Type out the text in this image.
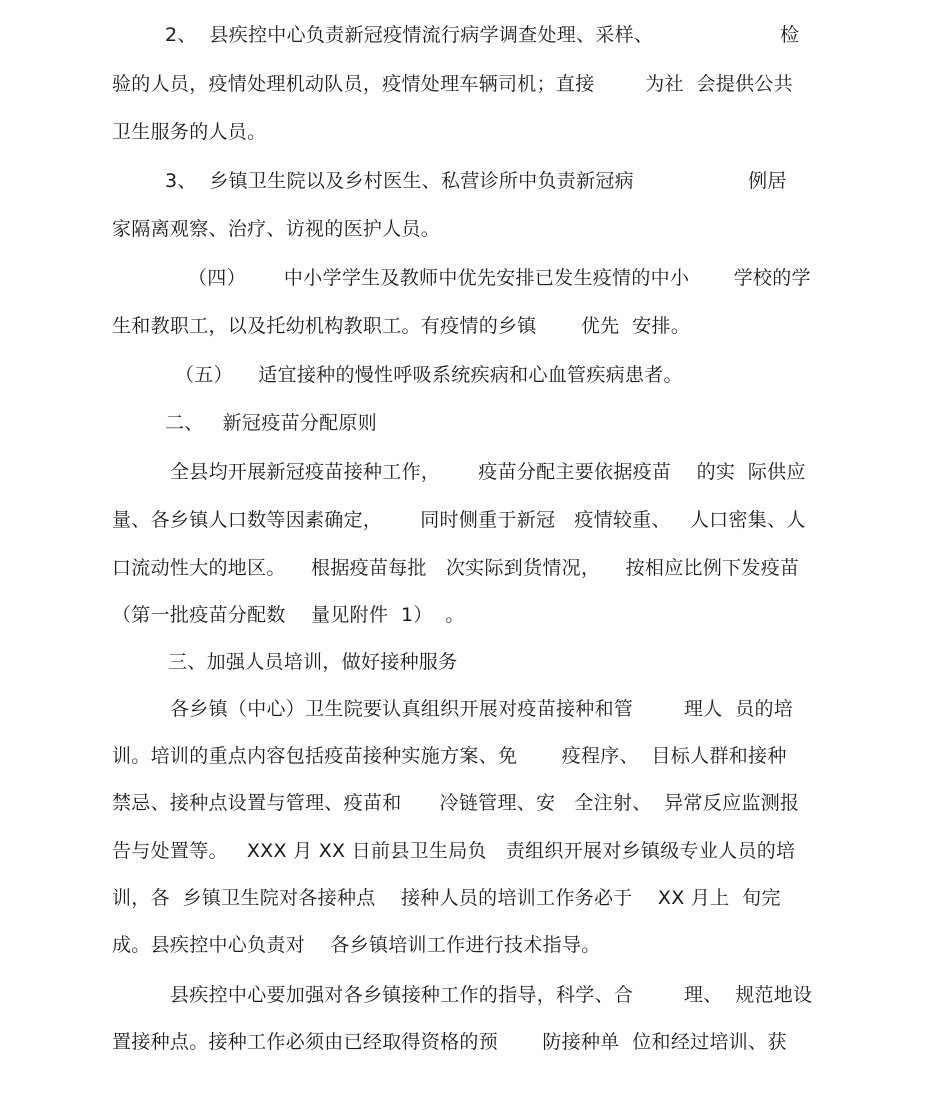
2、  县疾控中心负责新冠疫情流行病学调查处理、采样、                    检
验的人员，疫情处理机动队员，疫情处理车辆司机；直接        为社  会提供公共
卫生服务的人员。
3、  乡镇卫生院以及乡村医生、私营诊所中负责新冠病                  例居
家隔离观察、治疗、访视的医护人员。
（四）      中小学学生及教师中优先安排已发生疫情的中小       学校的学
生和教职工，以及托幼机构教职工。有疫情的乡镇       优先  安排。
（五）    适宜接种的慢性呼吸系统疾病和心血管疾病患者。
二、   新冠疫苗分配原则
全县均开展新冠疫苗接种工作，      疫苗分配主要依据疫苗    的实  际供应
量、各乡镇人口数等因素确定，      同时侧重于新冠   疫情较重、   人口密集、人
口流动性大的地区。    根据疫苗每批   次实际到货情况，    按相应比例下发疫苗
（第一批疫苗分配数    量见附件  1）  。
三、加强人员培训，做好接种服务
各乡镇（中心）卫生院要认真组织开展对疫苗接种和管        理人  员的培
训。培训的重点内容包括疫苗接种实施方案、免       疫程序、  目标人群和接种
禁忌、接种点设置与管理、疫苗和      冷链管理、安   全注射、  异常反应监测报
告与处置等。   XXX 月 XX 日前县卫生局负   责组织开展对乡镇级专业人员的培
训，各  乡镇卫生院对各接种点    接种人员的培训工作务必于    XX 月上  旬完
成。县疾控中心负责对    各乡镇培训工作进行技术指导。
县疾控中心要加强对各乡镇接种工作的指导，科学、合        理、  规范地设
置接种点。接种工作必须由已经取得资格的预       防接种单  位和经过培训、获
